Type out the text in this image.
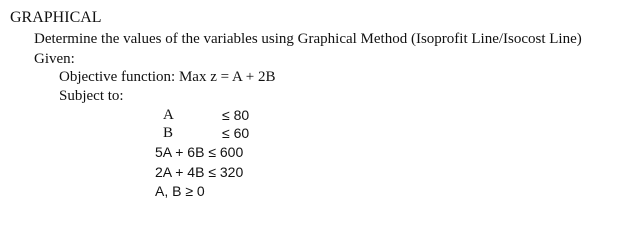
GRAPHICAL
Determine the values of the variables using Graphical Method (Isoprofit Line/Isocost Line)
Given:
Objective function: Max z = A + 2B
Subject to:
A	≤ 80
B	≤ 60
5A + 6B ≤ 600
2A + 4B ≤ 320
A, B ≥ 0
